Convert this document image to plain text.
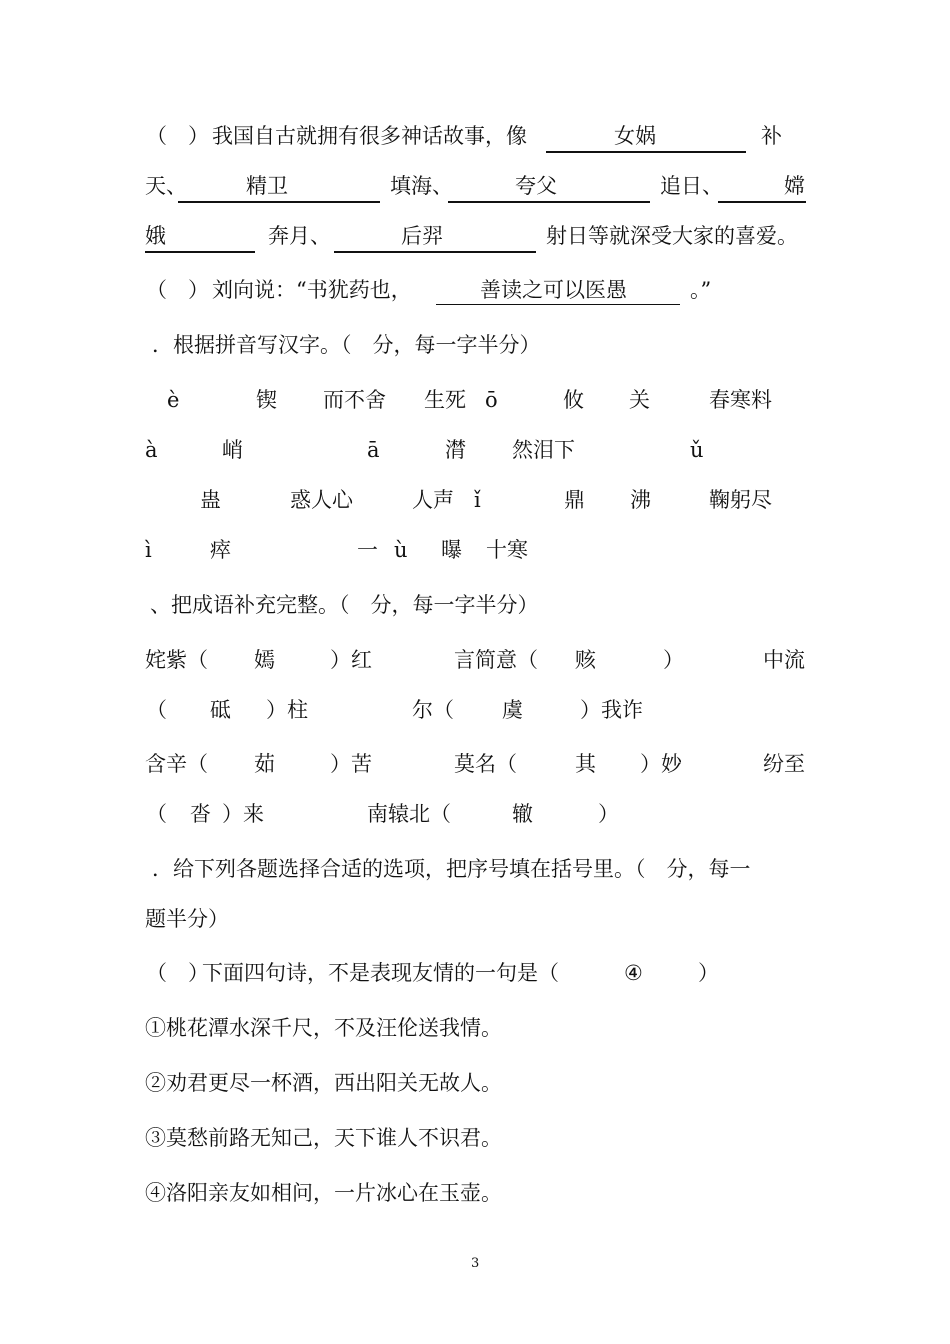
（　） 我国自古就拥有很多神话故事，像	女娲	补
天、	精卫	填海、	夸父	追日、	嫦
娥	奔月、	后羿	射日等就深受大家的喜爱。
（　） 刘向说：“书犹药也，	善读之可以医愚	。”
．根据拼音写汉字。（　分，每一字半分）
è	锲 而不舍 生死 ō	攸 关	春寒料
à	峭	ā	潸 然泪下	ǔ
蛊	惑人心	人声 ǐ	鼎 沸	鞠躬尽
ì	瘁	一 ù 曝 十寒
、把成语补充完整。（　分，每一字半分）
姹紫（ 嫣	）红	言简意（ 赅	）	中流
（ 砥 ）柱	尔（ 虞	）我诈
含辛（ 茹	）苦	莫名（	其 ）妙	纷至
（ 沓 ）来	南辕北（	辙	）
．给下列各题选择合适的选项，把序号填在括号里。（　分，每一
题半分）
（　）
下面四句诗，不是表现友情的一句是（	④	）
①桃花潭水深千尺，不及汪伦送我情。
②劝君更尽一杯酒，西出阳关无故人。
③莫愁前路无知己，天下谁人不识君。
④洛阳亲友如相问，一片冰心在玉壶。
3
